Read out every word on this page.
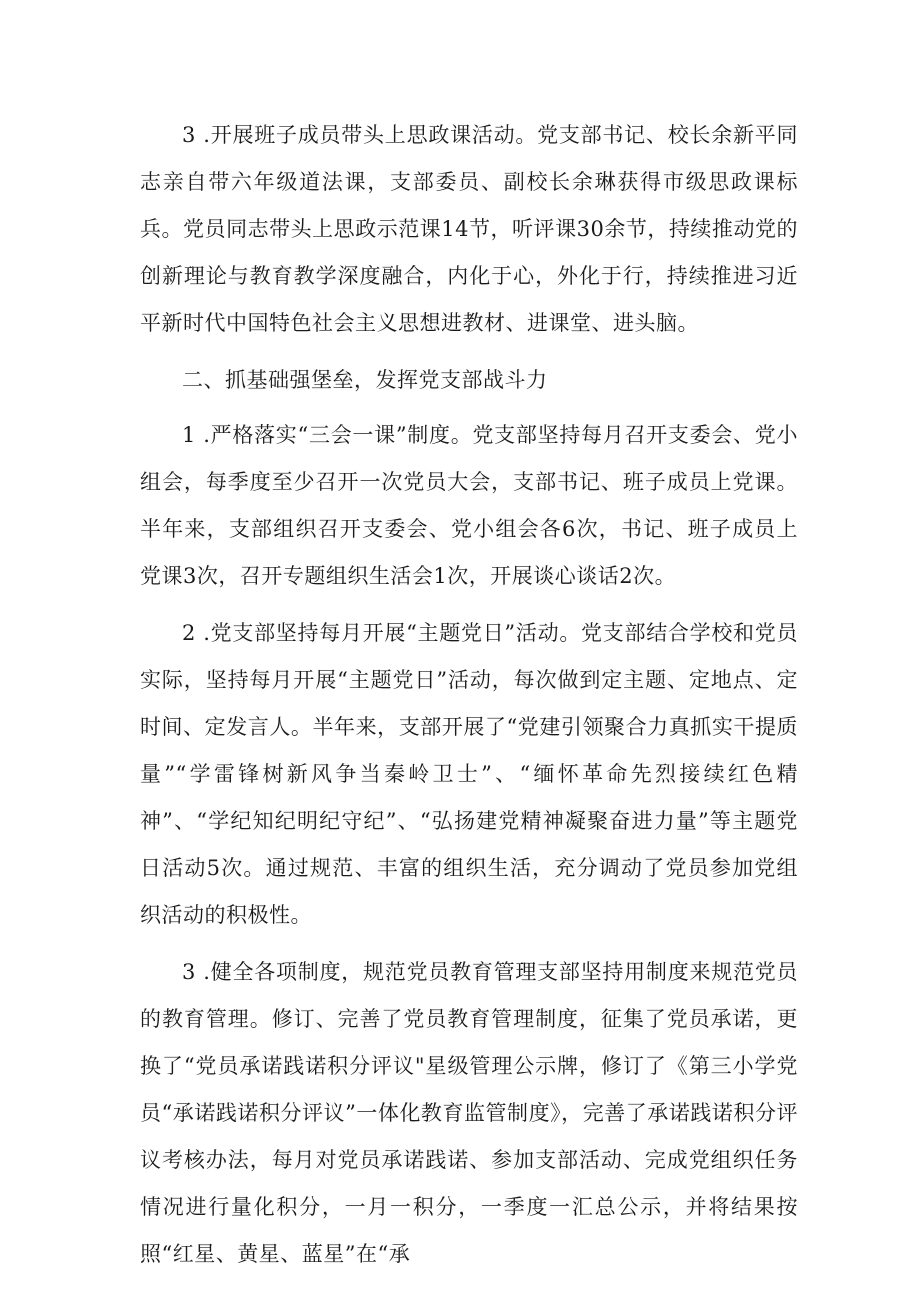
3 .开展班子成员带头上思政课活动。党支部书记、校长余新平同志亲自带六年级道法课，支部委员、副校长余琳获得市级思政课标兵。党员同志带头上思政示范课14节，听评课30余节，持续推动党的创新理论与教育教学深度融合，内化于心，外化于行，持续推进习近平新时代中国特色社会主义思想进教材、进课堂、进头脑。

二、抓基础强堡垒，发挥党支部战斗力

1 .严格落实“三会一课”制度。党支部坚持每月召开支委会、党小组会，每季度至少召开一次党员大会，支部书记、班子成员上党课。半年来，支部组织召开支委会、党小组会各6次，书记、班子成员上党课3次，召开专题组织生活会1次，开展谈心谈话2次。

2 .党支部坚持每月开展“主题党日”活动。党支部结合学校和党员实际，坚持每月开展“主题党日”活动，每次做到定主题、定地点、定时间、定发言人。半年来，支部开展了“党建引领聚合力真抓实干提质量”“学雷锋树新风争当秦岭卫士”、“缅怀革命先烈接续红色精神”、“学纪知纪明纪守纪”、“弘扬建党精神凝聚奋进力量”等主题党日活动5次。通过规范、丰富的组织生活，充分调动了党员参加党组织活动的积极性。

3 .健全各项制度，规范党员教育管理支部坚持用制度来规范党员的教育管理。修订、完善了党员教育管理制度，征集了党员承诺，更换了“党员承诺践诺积分评议"星级管理公示牌，修订了《第三小学党员“承诺践诺积分评议”一体化教育监管制度》，完善了承诺践诺积分评议考核办法，每月对党员承诺践诺、参加支部活动、完成党组织任务情况进行量化积分，一月一积分，一季度一汇总公示，并将结果按照“红星、黄星、蓝星”在“承
